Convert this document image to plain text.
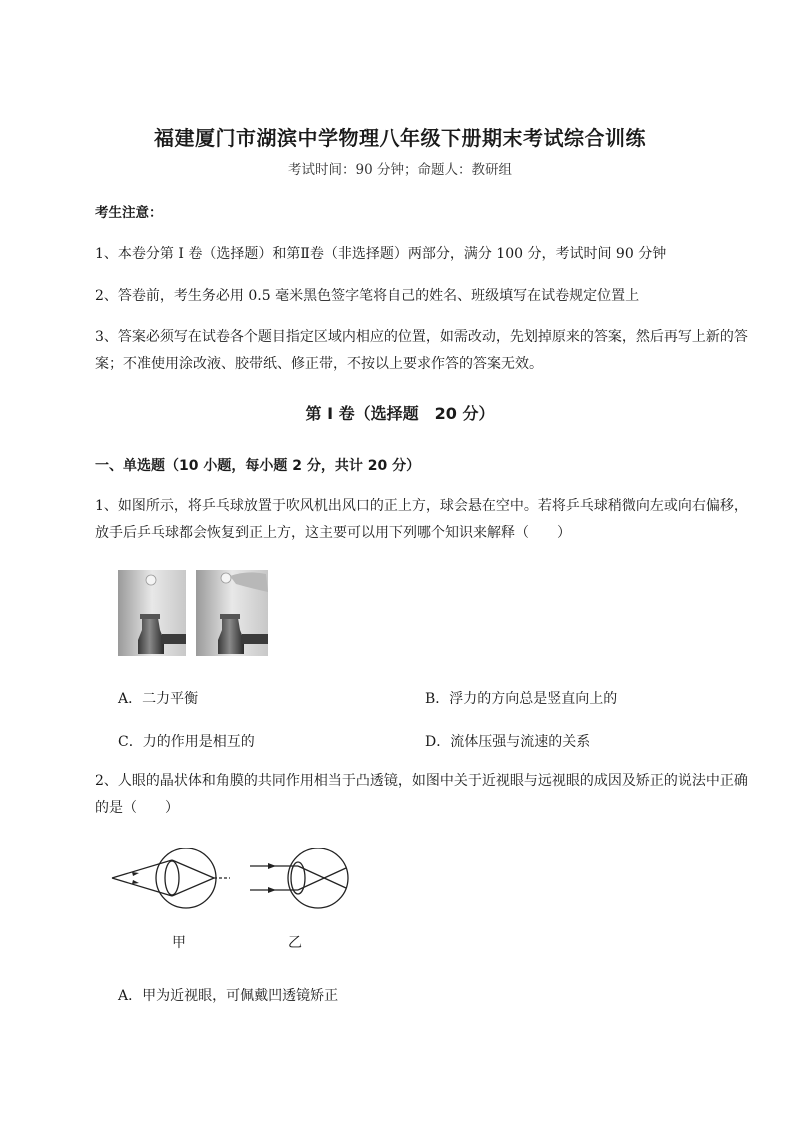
福建厦门市湖滨中学物理八年级下册期末考试综合训练
考试时间：90 分钟；命题人：教研组
考生注意：
1、本卷分第 I 卷（选择题）和第Ⅱ卷（非选择题）两部分，满分 100 分，考试时间 90 分钟
2、答卷前，考生务必用 0.5 毫米黑色签字笔将自己的姓名、班级填写在试卷规定位置上
3、答案必须写在试卷各个题目指定区域内相应的位置，如需改动，先划掉原来的答案，然后再写上新的答案；不准使用涂改液、胶带纸、修正带，不按以上要求作答的答案无效。
第 I 卷（选择题　20 分）
一、单选题（10 小题，每小题 2 分，共计 20 分）
1、如图所示，将乒乓球放置于吹风机出风口的正上方，球会悬在空中。若将乒乓球稍微向左或向右偏移，放手后乒乓球都会恢复到正上方，这主要可以用下列哪个知识来解释（　　）
A．二力平衡	B．浮力的方向总是竖直向上的
C．力的作用是相互的	D．流体压强与流速的关系
2、人眼的晶状体和角膜的共同作用相当于凸透镜，如图中关于近视眼与远视眼的成因及矫正的说法中正确的是（　　）
甲	乙
A．甲为近视眼，可佩戴凹透镜矫正
